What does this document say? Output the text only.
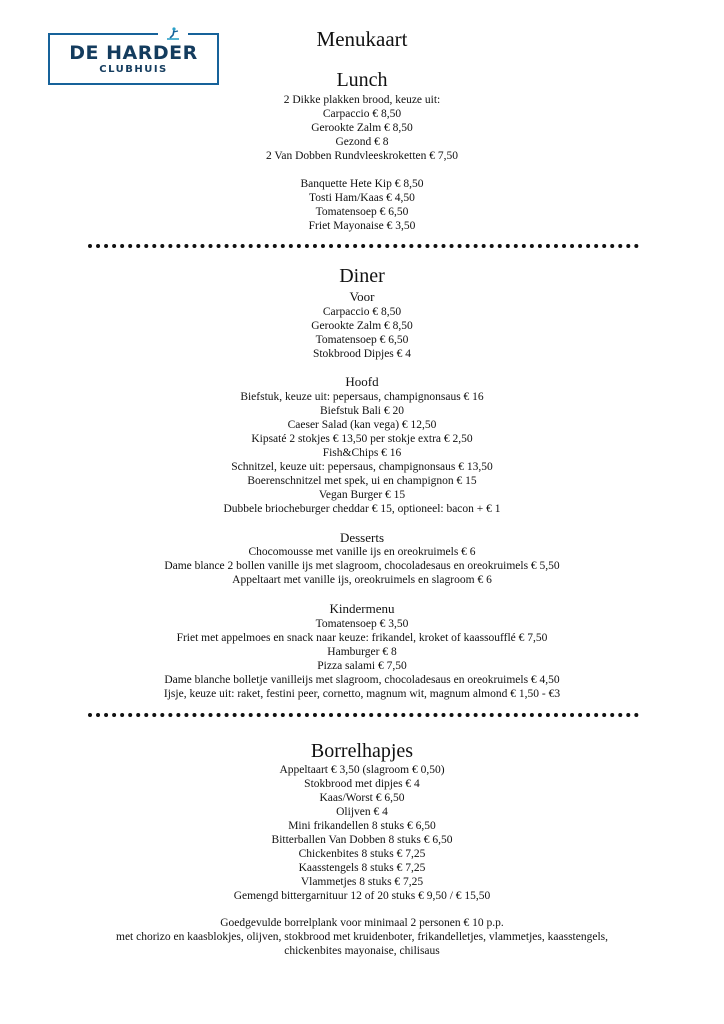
DE HARDER
CLUBHUIS
Menukaart
Lunch
2 Dikke plakken brood, keuze uit:
Carpaccio € 8,50
Gerookte Zalm € 8,50
Gezond € 8
2 Van Dobben Rundvleeskroketten € 7,50
Banquette Hete Kip € 8,50
Tosti Ham/Kaas € 4,50
Tomatensoep € 6,50
Friet Mayonaise € 3,50
Diner
Voor
Carpaccio € 8,50
Gerookte Zalm € 8,50
Tomatensoep € 6,50
Stokbrood Dipjes € 4
Hoofd
Biefstuk, keuze uit: pepersaus, champignonsaus € 16
Biefstuk Bali € 20
Caeser Salad (kan vega) € 12,50
Kipsaté 2 stokjes € 13,50 per stokje extra € 2,50
Fish&Chips € 16
Schnitzel, keuze uit: pepersaus, champignonsaus € 13,50
Boerenschnitzel met spek, ui en champignon € 15
Vegan Burger € 15
Dubbele briocheburger cheddar € 15, optioneel: bacon + € 1
Desserts
Chocomousse met vanille ijs en oreokruimels € 6
Dame blance 2 bollen vanille ijs met slagroom, chocoladesaus en oreokruimels € 5,50
Appeltaart met vanille ijs, oreokruimels en slagroom € 6
Kindermenu
Tomatensoep € 3,50
Friet met appelmoes en snack naar keuze: frikandel, kroket of kaassoufflé € 7,50
Hamburger € 8
Pizza salami € 7,50
Dame blanche bolletje vanilleijs met slagroom, chocoladesaus en oreokruimels € 4,50
Ijsje, keuze uit: raket, festini peer, cornetto, magnum wit, magnum almond € 1,50 - €3
Borrelhapjes
Appeltaart € 3,50 (slagroom € 0,50)
Stokbrood met dipjes € 4
Kaas/Worst € 6,50
Olijven € 4
Mini frikandellen 8 stuks € 6,50
Bitterballen Van Dobben 8 stuks € 6,50
Chickenbites 8 stuks € 7,25
Kaasstengels 8 stuks € 7,25
Vlammetjes 8 stuks € 7,25
Gemengd bittergarnituur 12 of 20 stuks € 9,50 / € 15,50
Goedgevulde borrelplank voor minimaal 2 personen € 10 p.p.
met chorizo en kaasblokjes, olijven, stokbrood met kruidenboter, frikandelletjes, vlammetjes, kaasstengels,
chickenbites mayonaise, chilisaus
